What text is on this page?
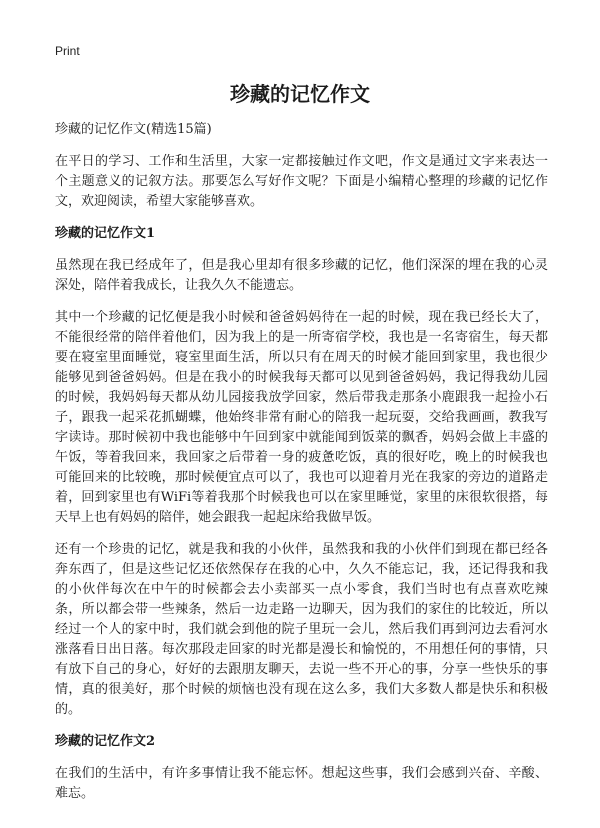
Print
珍藏的记忆作文

珍藏的记忆作文(精选15篇)

在平日的学习、工作和生活里，大家一定都接触过作文吧，作文是通过文字来表达一个主题意义的记叙方法。那要怎么写好作文呢？下面是小编精心整理的珍藏的记忆作文，欢迎阅读，希望大家能够喜欢。

珍藏的记忆作文1

虽然现在我已经成年了，但是我心里却有很多珍藏的记忆，他们深深的埋在我的心灵深处，陪伴着我成长，让我久久不能遗忘。

其中一个珍藏的记忆便是我小时候和爸爸妈妈待在一起的时候，现在我已经长大了，不能很经常的陪伴着他们，因为我上的是一所寄宿学校，我也是一名寄宿生，每天都要在寝室里面睡觉，寝室里面生活，所以只有在周天的时候才能回到家里，我也很少能够见到爸爸妈妈。但是在我小的时候我每天都可以见到爸爸妈妈，我记得我幼儿园的时候，我妈妈每天都从幼儿园接我放学回家，然后带我走那条小鹿跟我一起捡小石子，跟我一起采花抓蝴蝶，他始终非常有耐心的陪我一起玩耍，交给我画画，教我写字读诗。那时候初中我也能够中午回到家中就能闻到饭菜的飘香，妈妈会做上丰盛的午饭，等着我回来，我回家之后带着一身的疲惫吃饭，真的很好吃，晚上的时候我也可能回来的比较晚，那时候便宜点可以了，我也可以迎着月光在我家的旁边的道路走着，回到家里也有WiFi等着我那个时候我也可以在家里睡觉，家里的床很软很搭，每天早上也有妈妈的陪伴，她会跟我一起起床给我做早饭。

还有一个珍贵的记忆，就是我和我的小伙伴，虽然我和我的小伙伴们到现在都已经各奔东西了，但是这些记忆还依然保存在我的心中，久久不能忘记，我，还记得我和我的小伙伴每次在中午的时候都会去小卖部买一点小零食，我们当时也有点喜欢吃辣条，所以都会带一些辣条，然后一边走路一边聊天，因为我们的家住的比较近，所以经过一个人的家中时，我们就会到他的院子里玩一会儿，然后我们再到河边去看河水涨落看日出日落。每次那段走回家的时光都是漫长和愉悦的，不用想任何的事情，只有放下自己的身心，好好的去跟朋友聊天，去说一些不开心的事，分享一些快乐的事情，真的很美好，那个时候的烦恼也没有现在这么多，我们大多数人都是快乐和积极的。

珍藏的记忆作文2

在我们的生活中，有许多事情让我不能忘怀。想起这些事，我们会感到兴奋、辛酸、难忘。
